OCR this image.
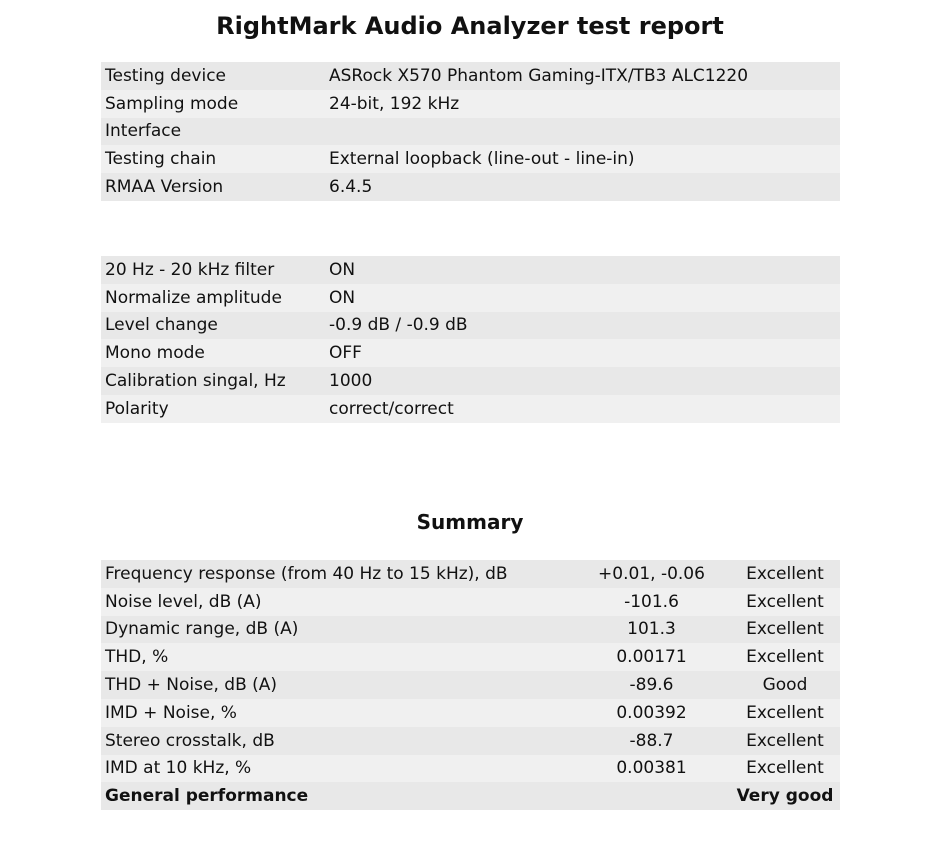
RightMark Audio Analyzer test report
Testing device	ASRock X570 Phantom Gaming-ITX/TB3 ALC1220
Sampling mode	24-bit, 192 kHz
Interface	
Testing chain	External loopback (line-out - line-in)
RMAA Version	6.4.5
20 Hz - 20 kHz filter	ON
Normalize amplitude	ON
Level change	-0.9 dB / -0.9 dB
Mono mode	OFF
Calibration singal, Hz	1000
Polarity	correct/correct
Summary
Frequency response (from 40 Hz to 15 kHz), dB	+0.01, -0.06	Excellent
Noise level, dB (A)	-101.6	Excellent
Dynamic range, dB (A)	101.3	Excellent
THD, %	0.00171	Excellent
THD + Noise, dB (A)	-89.6	Good
IMD + Noise, %	0.00392	Excellent
Stereo crosstalk, dB	-88.7	Excellent
IMD at 10 kHz, %	0.00381	Excellent
General performance		Very good
